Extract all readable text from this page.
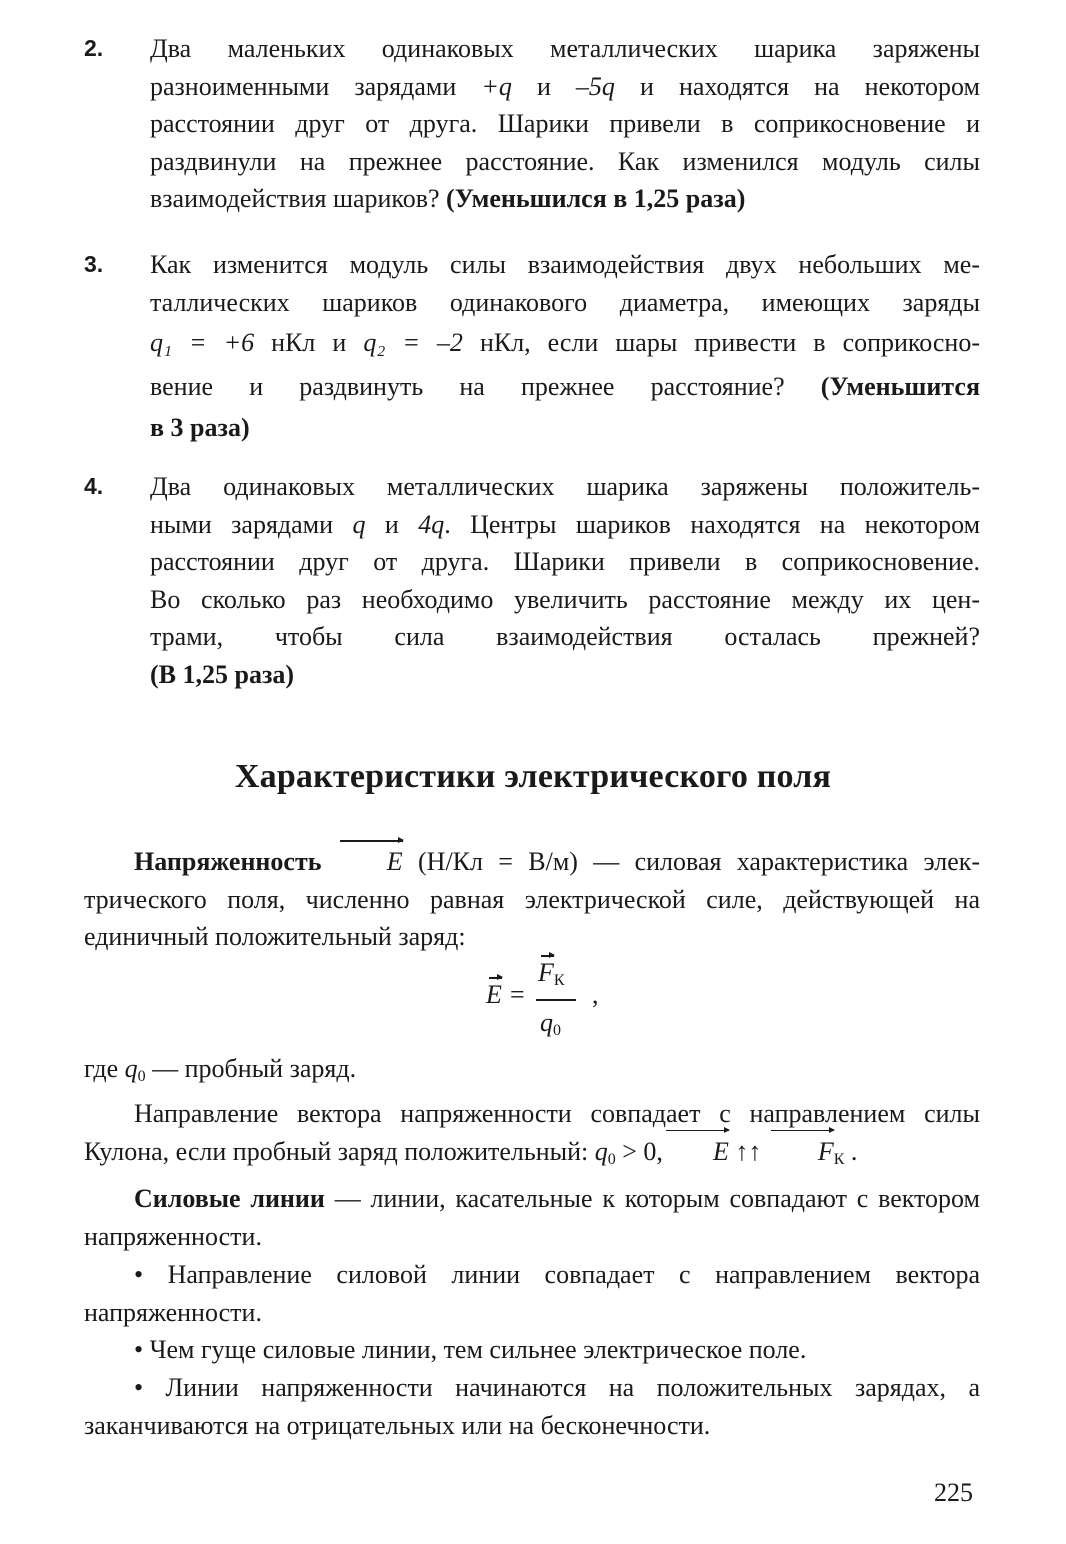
2.	Два маленьких одинаковых металлических шарика заряжены
разноименными зарядами +q и –5q и находятся на некотором
расстоянии друг от друга. Шарики привели в соприкосновение и
раздвинули на прежнее расстояние. Как изменился модуль силы
взаимодействия шариков? (Уменьшился в 1,25 раза)
3.	Как изменится модуль силы взаимодействия двух небольших ме-
таллических шариков одинакового диаметра, имеющих заряды
q₁ = +6 нКл и q₂ = –2 нКл, если шары привести в соприкосно-
вение и раздвинуть на прежнее расстояние? (Уменьшится
в 3 раза)
4.	Два одинаковых металлических шарика заряжены положитель-
ными зарядами q и 4q. Центры шариков находятся на некотором
расстоянии друг от друга. Шарики привели в соприкосновение.
Во сколько раз необходимо увеличить расстояние между их цен-
трами, чтобы сила взаимодействия осталась прежней?
(В 1,25 раза)
Характеристики электрического поля
Напряженность	E (Н/Кл = В/м) — силовая характеристика элек- трического поля, численно равная электрической силе, действующей на единичный положительный заряд:
E =
$F_К$
$q_0$
,
где $q_0$ — пробный заряд.
Направление вектора напряженности совпадает с направлением силы Кулона, если пробный заряд положительный: $q_0 > 0$, E ↑↑ $F_К$ .
Силовые линии — линии, касательные к которым совпадают с вектором напряженности.
• Направление силовой линии совпадает с направлением вектора напряженности.
• Чем гуще силовые линии, тем сильнее электрическое поле.
• Линии напряженности начинаются на положительных зарядах, а заканчиваются на отрицательных или на бесконечности.
225
